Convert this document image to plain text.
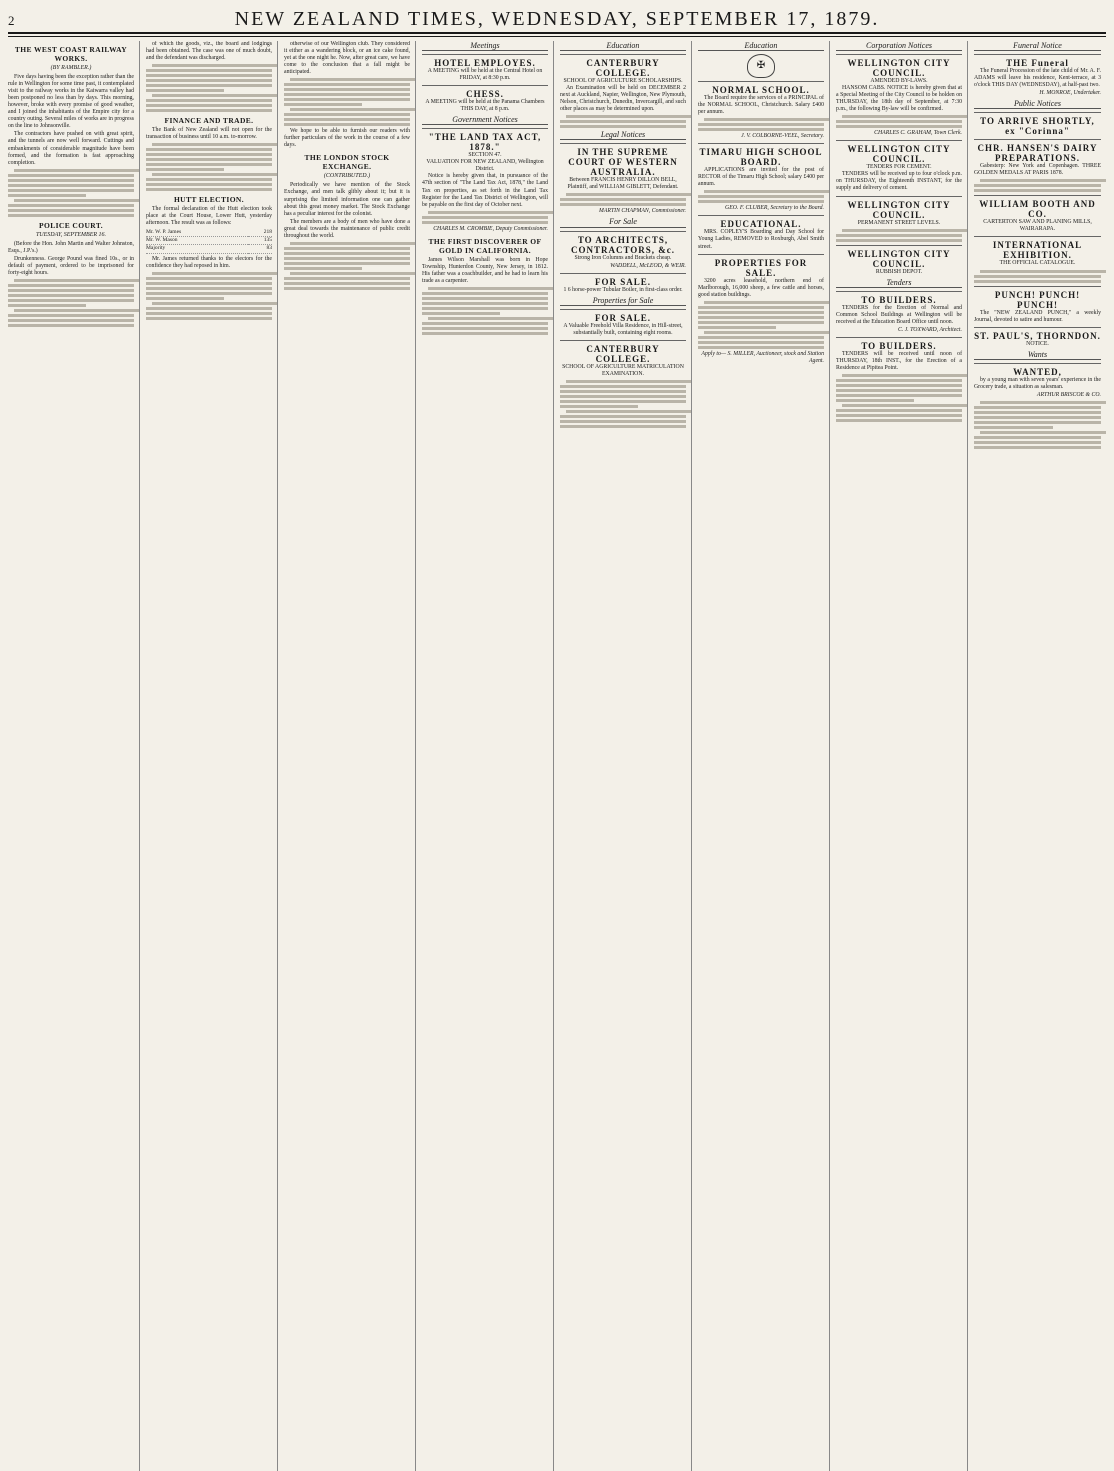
2	NEW ZEALAND TIMES, WEDNESDAY, SEPTEMBER 17, 1879.
THE WEST COAST RAILWAY WORKS.
(BY RAMBLER.)

Five days having been the exception rather than the rule in Wellington for some time past, it contemplated visit to the railway works in the Kaiwarra valley had been postponed no less than by days. This morning, however, broke with every promise of good weather, and I joined the inhabitants of the Empire city for a country outing. Several miles of works are in progress on the line to Johnsonville.

The contractors have pushed on with great spirit, and the tunnels are now well forward. Cuttings and embankments of considerable magnitude have been formed, and the formation is fast approaching completion.

POLICE COURT.
TUESDAY, SEPTEMBER 16.

(Before the Hon. John Martin and Walter Johnston, Esqs., J.P.'s.)

Drunkenness. George Pound was fined 10s., or in default of payment, ordered to be imprisoned for forty-eight hours.

of which the goods, viz., the board and lodgings had been obtained. The case was one of much doubt, and the defendant was discharged.

FINANCE AND TRADE.

The Bank of New Zealand will not open for the transaction of business until 10 a.m. to-morrow.

HUTT ELECTION.

The formal declaration of the Hutt election took place at the Court House, Lower Hutt, yesterday afternoon. The result was as follows:

Mr. W. P. James	218
Mr. W. Mason	135
Majority	83

Mr. James returned thanks to the electors for the confidence they had reposed in him.

otherwise of our Wellington club. They considered it either as a wandering block, or an ice cake found, yet at the one night he. Now, after great care, we have come to the conclusion that a fall might be anticipated.

We hope to be able to furnish our readers with further particulars of the work in the course of a few days.

THE LONDON STOCK EXCHANGE.
(CONTRIBUTED.)

Periodically we have mention of the Stock Exchange, and men talk glibly about it; but it is surprising the limited information one can gather about this great money market. The Stock Exchange has a peculiar interest for the colonist.

The members are a body of men who have done a great deal towards the maintenance of public credit throughout the world.

Meetings
HOTEL EMPLOYES.
A MEETING will be held at the Central Hotel on FRIDAY, at 8:30 p.m.
CHESS.
A MEETING will be held at the Panama Chambers THIS DAY, at 8 p.m.
Government Notices
"THE LAND TAX ACT, 1878."
SECTION 47.
VALUATION FOR NEW ZEALAND, Wellington District.

Notice is hereby given that, in pursuance of the 47th section of "The Land Tax Act, 1878," the Land Tax on properties, as set forth in the Land Tax Register for the Land Tax District of Wellington, will be payable on the first day of October next.

CHARLES M. CROMBIE, Deputy Commissioner.
THE FIRST DISCOVERER OF GOLD IN CALIFORNIA.

James Wilson Marshall was born in Hope Township, Hunterdon County, New Jersey, in 1812. His father was a coachbuilder, and he had to learn his trade as a carpenter.

Education
CANTERBURY COLLEGE.
SCHOOL OF AGRICULTURE SCHOLARSHIPS.

An Examination will be held on DECEMBER 2 next at Auckland, Napier, Wellington, New Plymouth, Nelson, Christchurch, Dunedin, Invercargill, and such other places as may be determined upon.

Legal Notices
IN THE SUPREME COURT OF WESTERN AUSTRALIA.
Between FRANCIS HENRY DILLON BELL, Plaintiff, and WILLIAM GIBLETT, Defendant.
MARTIN CHAPMAN, Commissioner.
For Sale
TO ARCHITECTS, CONTRACTORS, &c.
Strong Iron Columns and Brackets cheap.
WADDELL, McLEOD, & WEIR.
FOR SALE.
1 6 horse-power Tubular Boiler, in first-class order.
Properties for Sale
FOR SALE.
A Valuable Freehold Villa Residence, in Hill-street, substantially built, containing eight rooms.
CANTERBURY COLLEGE.
SCHOOL OF AGRICULTURE MATRICULATION EXAMINATION.
Education
✠
NORMAL SCHOOL.

The Board require the services of a PRINCIPAL of the NORMAL SCHOOL, Christchurch. Salary £400 per annum.

J. V. COLBORNE-VEEL, Secretary.
TIMARU HIGH SCHOOL BOARD.

APPLICATIONS are invited for the post of RECTOR of the Timaru High School; salary £400 per annum.

GEO. F. CLUBER, Secretary to the Board.
EDUCATIONAL.

MRS. COPLEY'S Boarding and Day School for Young Ladies, REMOVED to Roxburgh, Abel Smith street.

PROPERTIES FOR SALE.

3200 acres leasehold, northern end of Marlborough, 16,000 sheep, a few cattle and horses, good station buildings.

Apply to— S. MILLER, Auctioneer, stock and Station Agent.
Corporation Notices
WELLINGTON CITY COUNCIL.
AMENDED BY-LAWS.

HANSOM CABS. NOTICE is hereby given that at a Special Meeting of the City Council to be holden on THURSDAY, the 18th day of September, at 7:30 p.m., the following By-law will be confirmed.

CHARLES C. GRAHAM, Town Clerk.
WELLINGTON CITY COUNCIL.
TENDERS FOR CEMENT.

TENDERS will be received up to four o'clock p.m. on THURSDAY, the Eighteenth INSTANT, for the supply and delivery of cement.

WELLINGTON CITY COUNCIL.
PERMANENT STREET LEVELS.
WELLINGTON CITY COUNCIL.
RUBBISH DEPOT.
Tenders
TO BUILDERS.

TENDERS for the Erection of Normal and Common School Buildings at Wellington will be received at the Education Board Office until noon.

C. J. TOXWARD, Architect.
TO BUILDERS.

TENDERS will be received until noon of THURSDAY, 18th INST., for the Erection of a Residence at Pipitea Point.

Funeral Notice
THE Funeral

The Funeral Procession of the late child of Mr. A. F. ADAMS will leave his residence, Kent-terrace, at 3 o'clock THIS DAY (WEDNESDAY), at half-past two.

H. MONROE, Undertaker.
Public Notices
TO ARRIVE SHORTLY, ex "Corinna"
CHR. HANSEN'S DAIRY PREPARATIONS.

Gabesterp: New York and Copenhagen. THREE GOLDEN MEDALS AT PARIS 1878.

WILLIAM BOOTH AND CO.
CARTERTON SAW AND PLANING MILLS, WAIRARAPA.
INTERNATIONAL EXHIBITION.
THE OFFICIAL CATALOGUE.
PUNCH! PUNCH! PUNCH!

The "NEW ZEALAND PUNCH," a weekly Journal, devoted to satire and humour.

ST. PAUL'S, THORNDON.
NOTICE.
Wants
WANTED,

by a young man with seven years' experience in the Grocery trade, a situation as salesman.

ARTHUR BRISCOE & CO.
